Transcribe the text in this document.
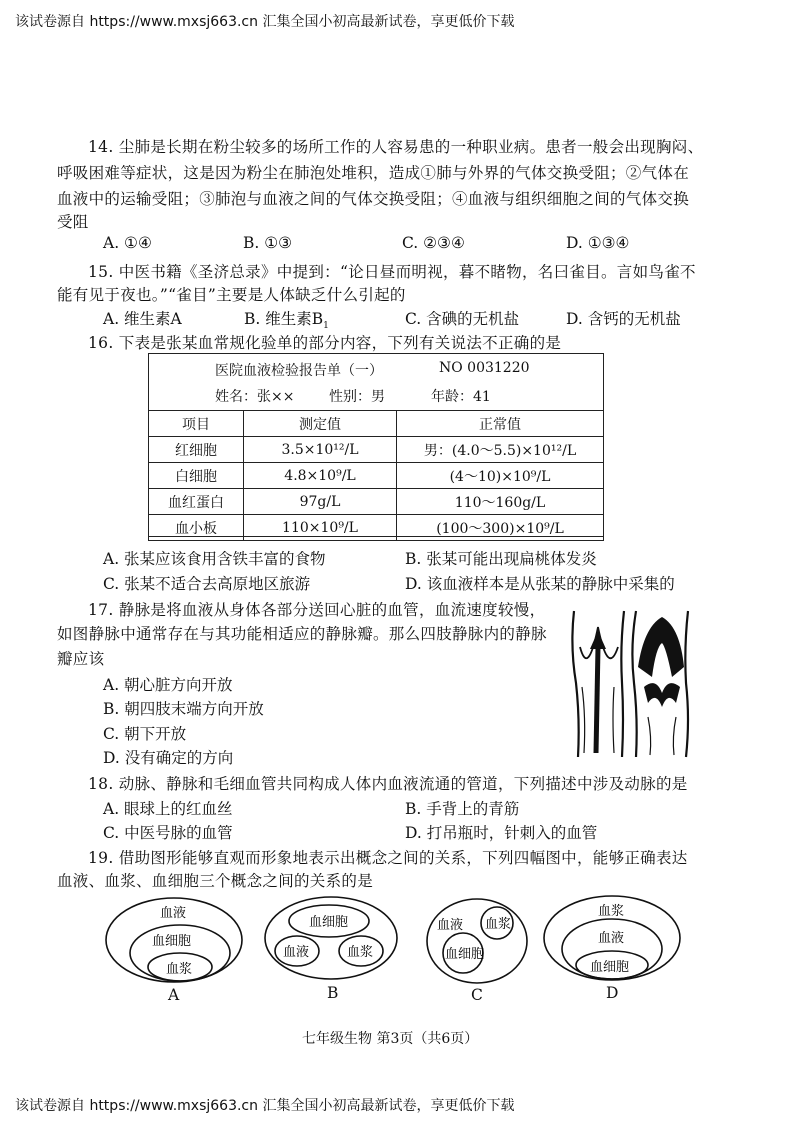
该试卷源自 https://www.mxsj663.cn 汇集全国小初高最新试卷，享更低价下载
14. 尘肺是长期在粉尘较多的场所工作的人容易患的一种职业病。患者一般会出现胸闷、
呼吸困难等症状，这是因为粉尘在肺泡处堆积，造成①肺与外界的气体交换受阻；②气体在
血液中的运输受阻；③肺泡与血液之间的气体交换受阻；④血液与组织细胞之间的气体交换
受阻
A. ①④	B. ①③	C. ②③④	D. ①③④
15. 中医书籍《圣济总录》中提到：“论日昼而明视，暮不睹物，名曰雀目。言如鸟雀不
能有见于夜也。”“雀目”主要是人体缺乏什么引起的
A. 维生素A	B. 维生素$B_1$	C. 含碘的无机盐	D. 含钙的无机盐
16. 下表是张某血常规化验单的部分内容，下列有关说法不正确的是
医院血液检验报告单（一）	NO 0031220
姓名：张×× 性别：男	年龄：41
项目	测定值	正常值
红细胞	3.5×10¹²/L	男：(4.0～5.5)×10¹²/L
白细胞	4.8×10⁹/L	(4～10)×10⁹/L
血红蛋白	97g/L	110～160g/L
血小板	110×10⁹/L	(100～300)×10⁹/L
A. 张某应该食用含铁丰富的食物	B. 张某可能出现扁桃体发炎
C. 张某不适合去高原地区旅游	D. 该血液样本是从张某的静脉中采集的
17. 静脉是将血液从身体各部分送回心脏的血管，血流速度较慢，
如图静脉中通常存在与其功能相适应的静脉瓣。那么四肢静脉内的静脉
瓣应该
A. 朝心脏方向开放
B. 朝四肢末端方向开放
C. 朝下开放
D. 没有确定的方向
18. 动脉、静脉和毛细血管共同构成人体内血液流通的管道，下列描述中涉及动脉的是
A. 眼球上的红血丝	B. 手背上的青筋
C. 中医号脉的血管	D. 打吊瓶时，针刺入的血管
19. 借助图形能够直观而形象地表示出概念之间的关系，下列四幅图中，能够正确表达
血液、血浆、血细胞三个概念之间的关系的是
血液
血细胞
血浆
A
血细胞
血液	血浆
B
血液 血浆
血细胞
C
血浆
血液
血细胞
D
七年级生物 第3页（共6页）
该试卷源自 https://www.mxsj663.cn 汇集全国小初高最新试卷，享更低价下载
